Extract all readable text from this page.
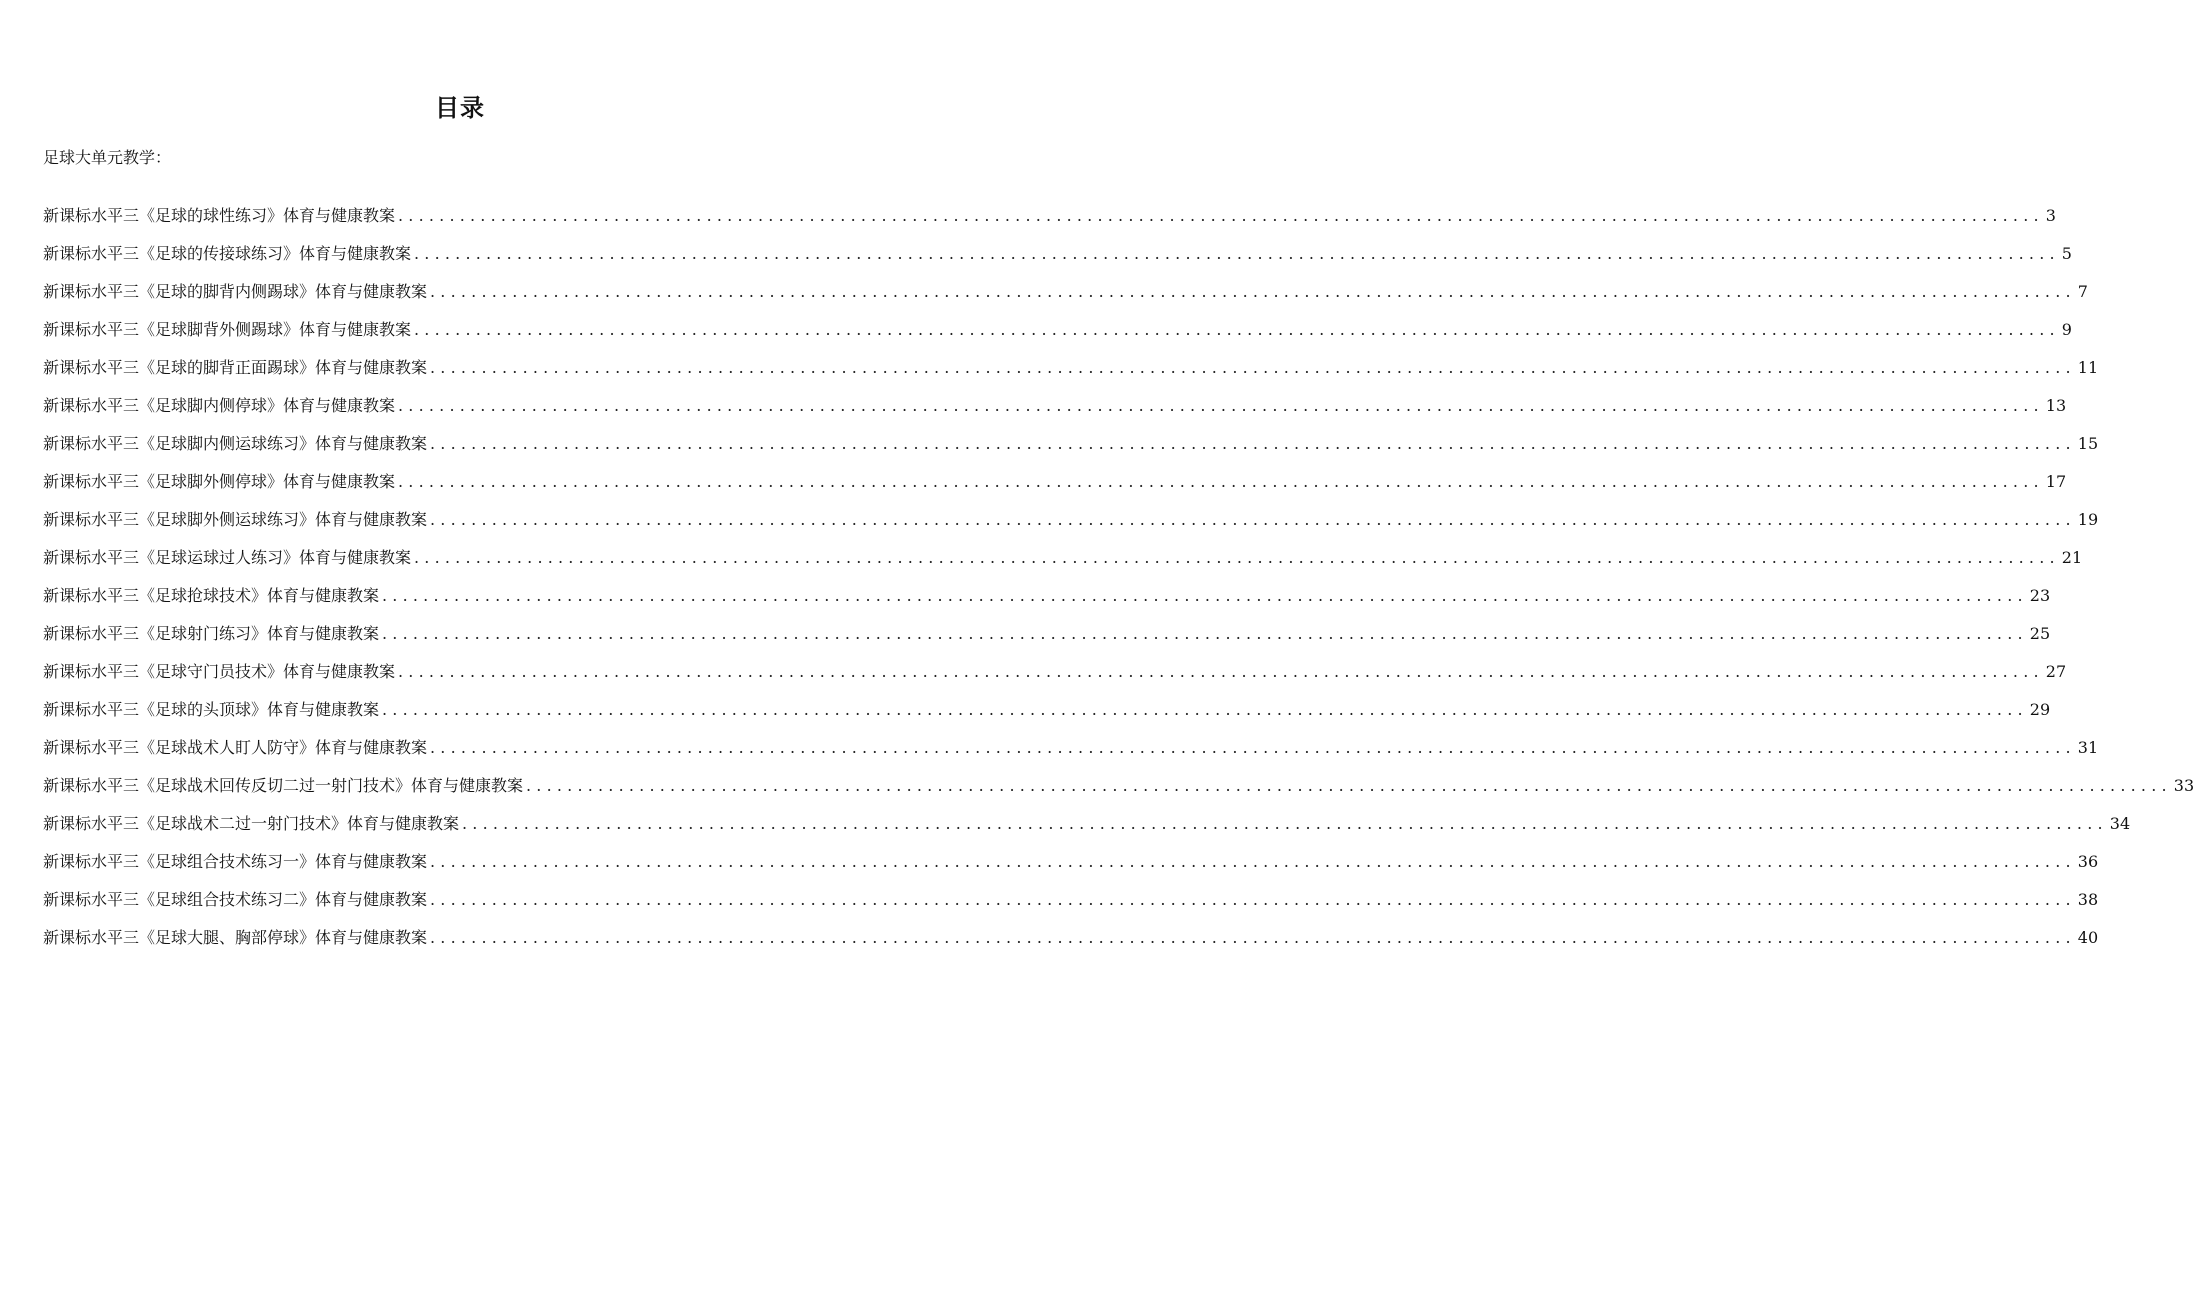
目录
足球大单元教学：
新课标水平三《足球的球性练习》体育与健康教案 ................................................................................................................................................................ 3
新课标水平三《足球的传接球练习》体育与健康教案 ................................................................................................................................................................ 5
新课标水平三《足球的脚背内侧踢球》体育与健康教案 ................................................................................................................................................................ 7
新课标水平三《足球脚背外侧踢球》体育与健康教案 ................................................................................................................................................................ 9
新课标水平三《足球的脚背正面踢球》体育与健康教案 ................................................................................................................................................................ 11
新课标水平三《足球脚内侧停球》体育与健康教案 ................................................................................................................................................................ 13
新课标水平三《足球脚内侧运球练习》体育与健康教案 ................................................................................................................................................................ 15
新课标水平三《足球脚外侧停球》体育与健康教案 ................................................................................................................................................................ 17
新课标水平三《足球脚外侧运球练习》体育与健康教案 ................................................................................................................................................................ 19
新课标水平三《足球运球过人练习》体育与健康教案 ................................................................................................................................................................ 21
新课标水平三《足球抢球技术》体育与健康教案 ................................................................................................................................................................ 23
新课标水平三《足球射门练习》体育与健康教案 ................................................................................................................................................................ 25
新课标水平三《足球守门员技术》体育与健康教案 ................................................................................................................................................................ 27
新课标水平三《足球的头顶球》体育与健康教案 ................................................................................................................................................................ 29
新课标水平三《足球战术人盯人防守》体育与健康教案 ................................................................................................................................................................ 31
新课标水平三《足球战术回传反切二过一射门技术》体育与健康教案 ................................................................................................................................................................ 33
新课标水平三《足球战术二过一射门技术》体育与健康教案 ................................................................................................................................................................ 34
新课标水平三《足球组合技术练习一》体育与健康教案 ................................................................................................................................................................ 36
新课标水平三《足球组合技术练习二》体育与健康教案 ................................................................................................................................................................ 38
新课标水平三《足球大腿、胸部停球》体育与健康教案 ................................................................................................................................................................ 40
